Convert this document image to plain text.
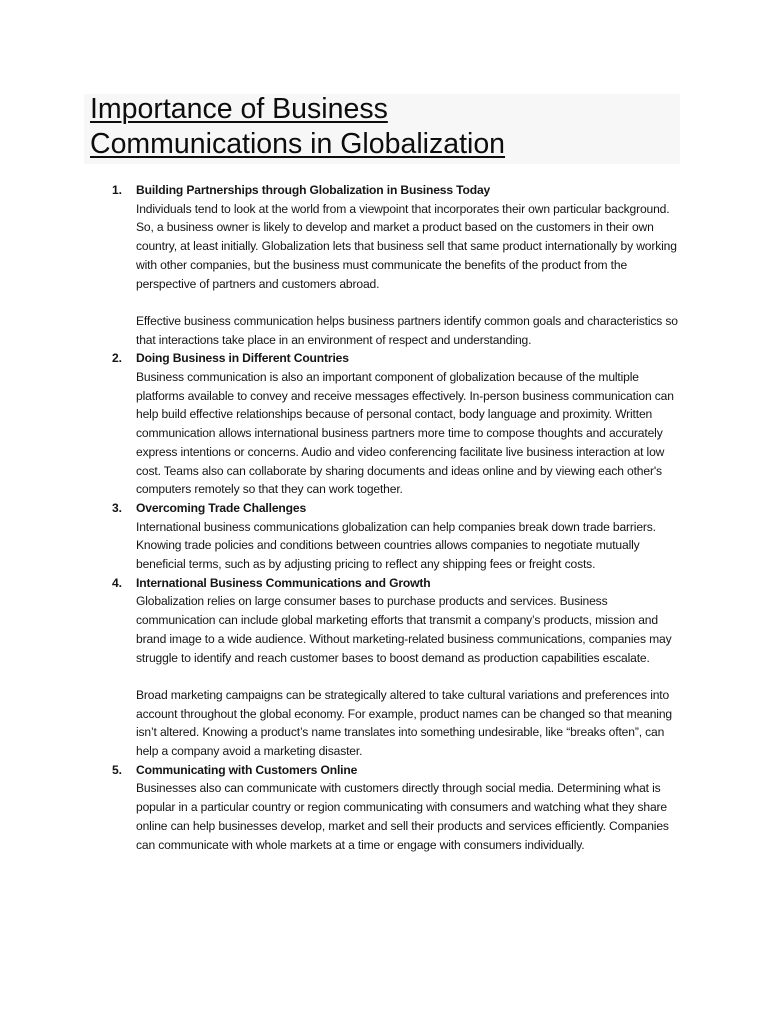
Importance of Business
Communications in Globalization
1. Building Partnerships through Globalization in Business Today
Individuals tend to look at the world from a viewpoint that incorporates their own particular background. So, a business owner is likely to develop and market a product based on the customers in their own country, at least initially. Globalization lets that business sell that same product internationally by working with other companies, but the business must communicate the benefits of the product from the perspective of partners and customers abroad.
Effective business communication helps business partners identify common goals and characteristics so that interactions take place in an environment of respect and understanding.
2. Doing Business in Different Countries
Business communication is also an important component of globalization because of the multiple platforms available to convey and receive messages effectively. In-person business communication can help build effective relationships because of personal contact, body language and proximity. Written communication allows international business partners more time to compose thoughts and accurately express intentions or concerns. Audio and video conferencing facilitate live business interaction at low cost. Teams also can collaborate by sharing documents and ideas online and by viewing each other's computers remotely so that they can work together.
3. Overcoming Trade Challenges
International business communications globalization can help companies break down trade barriers. Knowing trade policies and conditions between countries allows companies to negotiate mutually beneficial terms, such as by adjusting pricing to reflect any shipping fees or freight costs.
4. International Business Communications and Growth
Globalization relies on large consumer bases to purchase products and services. Business communication can include global marketing efforts that transmit a company’s products, mission and brand image to a wide audience. Without marketing-related business communications, companies may struggle to identify and reach customer bases to boost demand as production capabilities escalate.
Broad marketing campaigns can be strategically altered to take cultural variations and preferences into account throughout the global economy. For example, product names can be changed so that meaning isn’t altered. Knowing a product’s name translates into something undesirable, like “breaks often”, can help a company avoid a marketing disaster.
5. Communicating with Customers Online
Businesses also can communicate with customers directly through social media. Determining what is popular in a particular country or region communicating with consumers and watching what they share online can help businesses develop, market and sell their products and services efficiently. Companies can communicate with whole markets at a time or engage with consumers individually.
